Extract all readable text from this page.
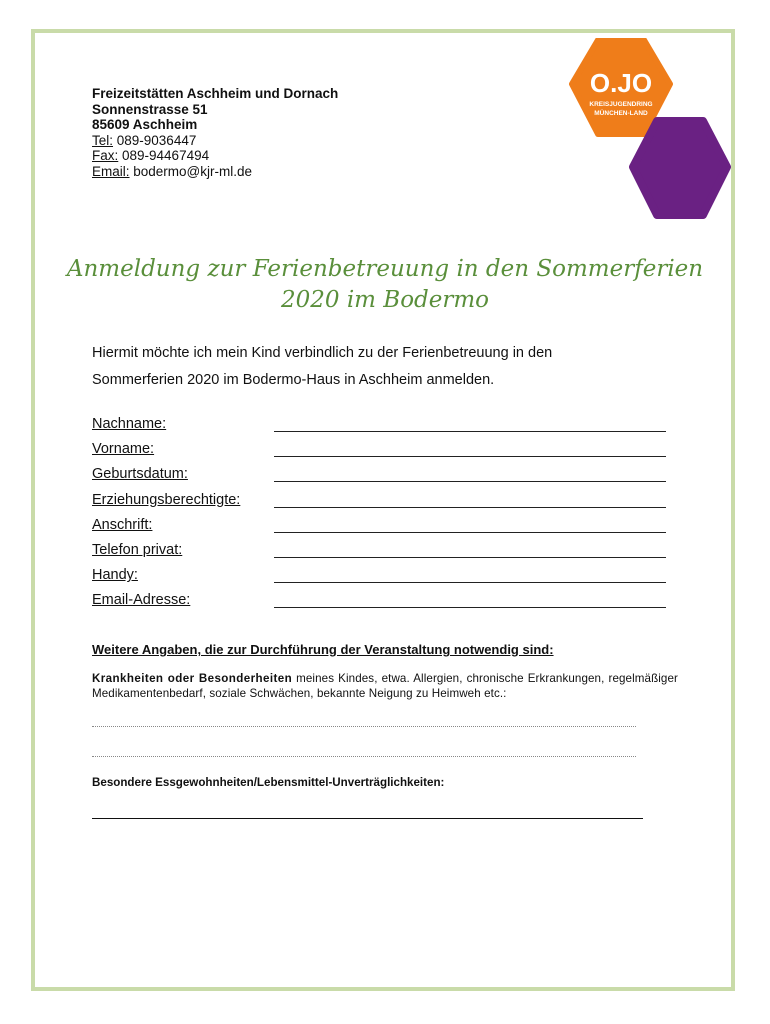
Freizeitstätten Aschheim und Dornach
Sonnenstrasse 51
85609 Aschheim
Tel: 089-9036447
Fax: 089-94467494
Email: bodermo@kjr-ml.de
O.JO
KREISJUGENDRING
MÜNCHEN-LAND
Anmeldung zur Ferienbetreuung in den Sommerferien
2020 im Bodermo
Hiermit möchte ich mein Kind verbindlich zu der Ferienbetreuung in den
Sommerferien 2020 im Bodermo-Haus in Aschheim anmelden.
Nachname:
Vorname:
Geburtsdatum:
Erziehungsberechtigte:
Anschrift:
Telefon privat:
Handy:
Email-Adresse:
Weitere Angaben, die zur Durchführung der Veranstaltung notwendig sind:
Krankheiten oder Besonderheiten meines Kindes, etwa. Allergien, chronische Erkrankungen, regelmäßiger Medikamentenbedarf, soziale Schwächen, bekannte Neigung zu Heimweh etc.:
Besondere Essgewohnheiten/Lebensmittel-Unverträglichkeiten:
